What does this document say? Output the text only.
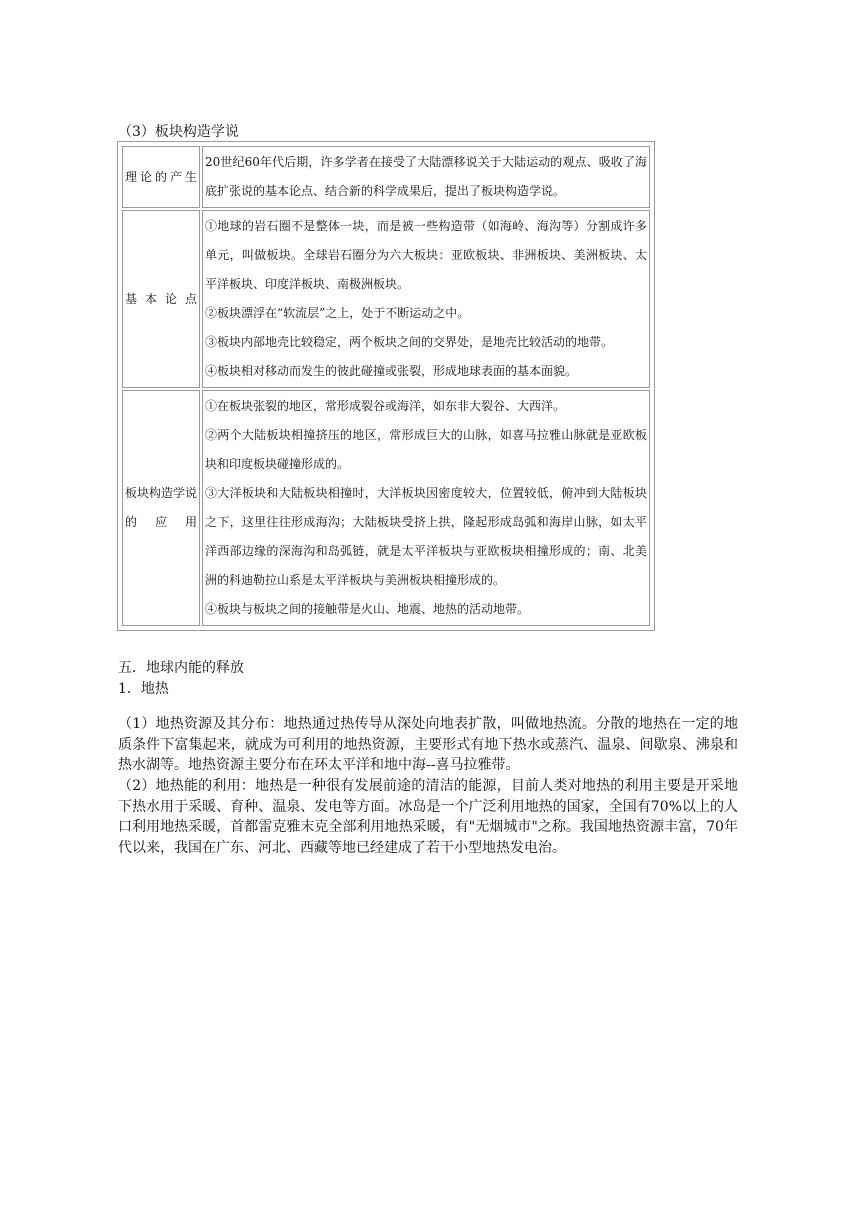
（3）板块构造学说
理论的产生	20世纪60年代后期，许多学者在接受了大陆漂移说关于大陆运动的观点、吸收了海底扩张说的基本论点、结合新的科学成果后，提出了板块构造学说。

基本论点	①地球的岩石圈不是整体一块，而是被一些构造带（如海岭、海沟等）分割成许多单元，叫做板块。全球岩石圈分为六大板块：亚欧板块、非洲板块、美洲板块、太平洋板块、印度洋板块、南极洲板块。
②板块漂浮在“软流层”之上，处于不断运动之中。
③板块内部地壳比较稳定，两个板块之间的交界处，是地壳比较活动的地带。
④板块相对移动而发生的彼此碰撞或张裂，形成地球表面的基本面貌。

板块构造学说的应用	①在板块张裂的地区，常形成裂谷或海洋，如东非大裂谷、大西洋。
②两个大陆板块相撞挤压的地区，常形成巨大的山脉，如喜马拉雅山脉就是亚欧板块和印度板块碰撞形成的。
③大洋板块和大陆板块相撞时，大洋板块因密度较大，位置较低，俯冲到大陆板块之下，这里往往形成海沟；大陆板块受挤上拱，隆起形成岛弧和海岸山脉，如太平洋西部边缘的深海沟和岛弧链，就是太平洋板块与亚欧板块相撞形成的；南、北美洲的科迪勒拉山系是太平洋板块与美洲板块相撞形成的。
④板块与板块之间的接触带是火山、地震、地热的活动地带。
五．地球内能的释放
1．地热

（1）地热资源及其分布：地热通过热传导从深处向地表扩散，叫做地热流。分散的地热在一定的地质条件下富集起来，就成为可利用的地热资源，主要形式有地下热水或蒸汽、温泉、间歇泉、沸泉和热水湖等。地热资源主要分布在环太平洋和地中海--喜马拉雅带。

（2）地热能的利用：地热是一种很有发展前途的清洁的能源，目前人类对地热的利用主要是开采地下热水用于采暖、育种、温泉、发电等方面。冰岛是一个广泛利用地热的国家，全国有70%以上的人口利用地热采暖，首都雷克雅末克全部利用地热采暖，有"无烟城市"之称。我国地热资源丰富，70年代以来，我国在广东、河北、西藏等地已经建成了若干小型地热发电治。
